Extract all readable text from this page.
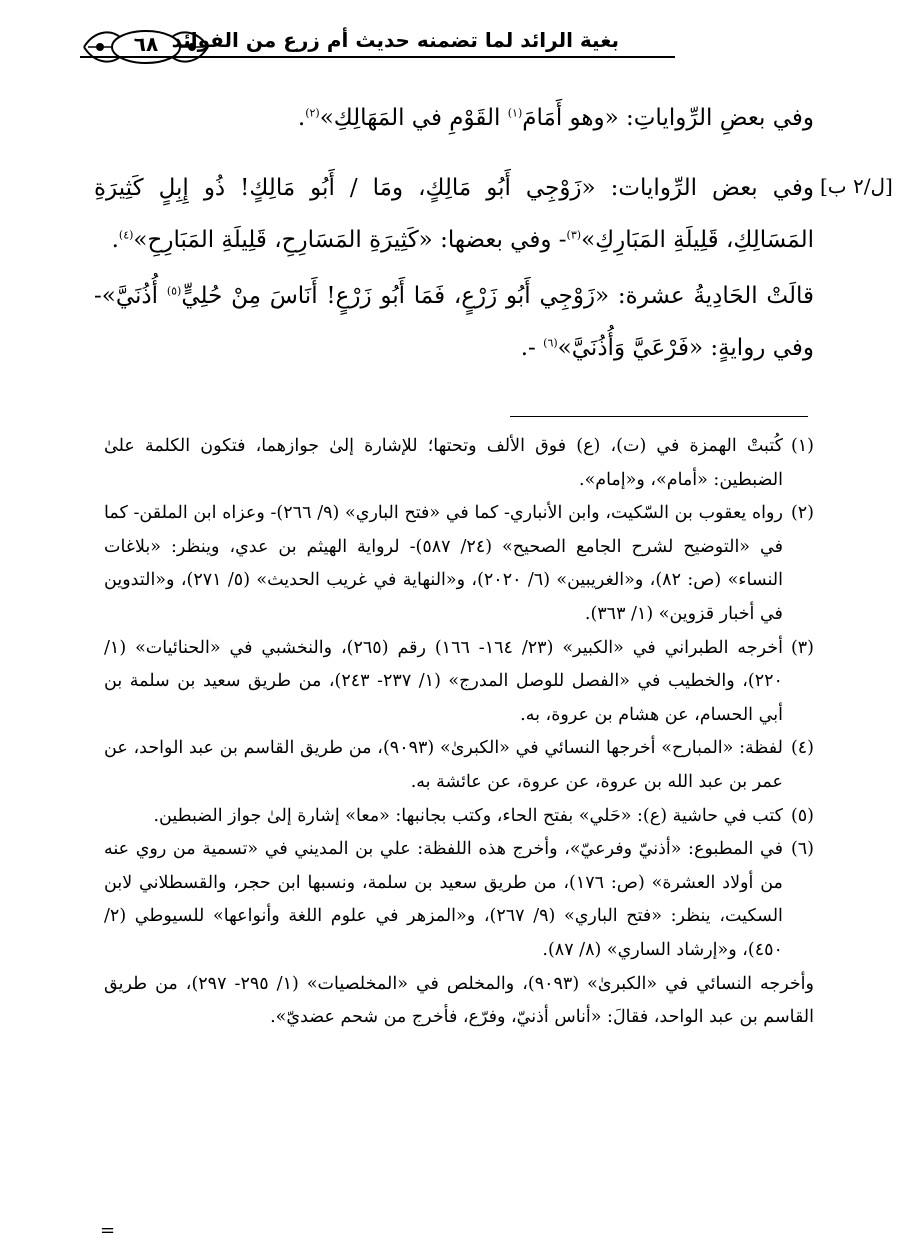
٦٨ بغية الرائد لما تضمنه حديث أم زرع من الفوائد

وفي بعضِ الرِّواياتِ: «وهو أَمَامَ$^{(١)}$ القَوْمِ في المَهَالِكِ»$^{(٢)}$.

[ل/٢ ب]

وفي بعض الرِّوايات: «زَوْجِي أَبُو مَالِكٍ، ومَا / أَبُو مَالِكٍ! ذُو إِبِلٍ كَثِيرَةِ المَسَالِكِ، قَلِيلَةِ المَبَارِكِ»$^{(٣)}$- وفي بعضها: «كَثِيرَةِ المَسَارِحِ، قَلِيلَةِ المَبَارِحِ»$^{(٤)}$.

قالَتْ الحَادِيةُ عشرة: «زَوْجِي أَبُو زَرْعٍ، فَمَا أَبُو زَرْعٍ! أَنَاسَ مِنْ حُلِيٍّ$^{(٥)}$ أُذُنَيَّ»- وفي روايةٍ: «فَرْعَيَّ وَأُذُنَيَّ»$^{(٦)}$ -.

(١)
كُتبتْ الهمزة في (ت)، (ع) فوق الألف وتحتها؛ للإشارة إلىٰ جوازهما، فتكون الكلمة علىٰ الضبطين: «أمام»، و«إمام».
(٢)
رواه يعقوب بن السّكيت، وابن الأنباري- كما في «فتح الباري» (٩/ ٢٦٦)- وعزاه ابن الملقن- كما في «التوضيح لشرح الجامع الصحيح» (٢٤/ ٥٨٧)- لرواية الهيثم بن عدي، وينظر: «بلاغات النساء» (ص: ٨٢)، و«الغريبين» (٦/ ٢٠٢٠)، و«النهاية في غريب الحديث» (٥/ ٢٧١)، و«التدوين في أخبار قزوين» (١/ ٣٦٣).
(٣)
أخرجه الطبراني في «الكبير» (٢٣/ ١٦٤- ١٦٦) رقم (٢٦٥)، والنخشبي في «الحنائيات» (١/ ٢٢٠)، والخطيب في «الفصل للوصل المدرج» (١/ ٢٣٧- ٢٤٣)، من طريق سعيد بن سلمة بن أبي الحسام، عن هشام بن عروة، به.
(٤)
لفظة: «المبارح» أخرجها النسائي في «الكبرىٰ» (٩٠٩٣)، من طريق القاسم بن عبد الواحد، عن عمر بن عبد الله بن عروة، عن عروة، عن عائشة به.
(٥)
كتب في حاشية (ع): «حَلي» بفتح الحاء، وكتب بجانبها: «معا» إشارة إلىٰ جواز الضبطين.
(٦)
في المطبوع: «أذنيّ وفرعيّ»، وأخرج هذه اللفظة: علي بن المديني في «تسمية من روي عنه من أولاد العشرة» (ص: ١٧٦)، من طريق سعيد بن سلمة، ونسبها ابن حجر، والقسطلاني لابن السكيت، ينظر: «فتح الباري» (٩/ ٢٦٧)، و«المزهر في علوم اللغة وأنواعها» للسيوطي (٢/ ٤٥٠)، و«إرشاد الساري» (٨/ ٨٧).

وأخرجه النسائي في «الكبرىٰ» (٩٠٩٣)، والمخلص في «المخلصيات» (١/ ٢٩٥- ٢٩٧)، من طريق القاسم بن عبد الواحد، فقالَ: «أناس أذنيّ، وفرّع، فأخرج من شحم عضديّ».

=
